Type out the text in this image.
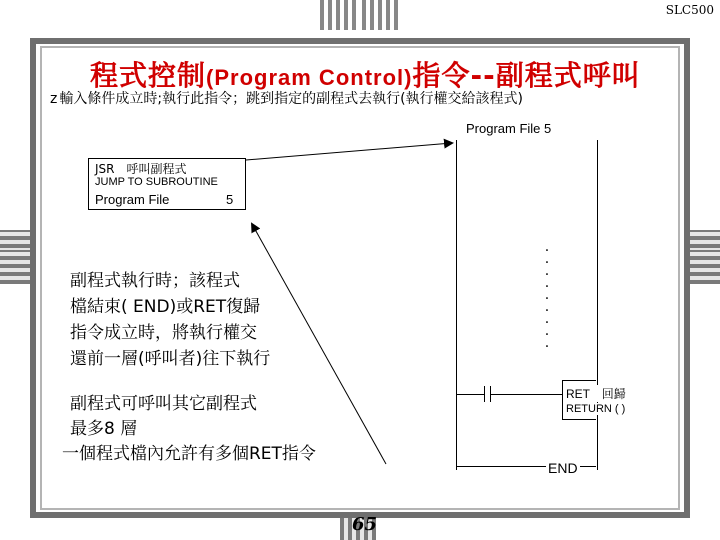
SLC500
程式控制(Program Control)指令--副程式呼叫
z 輸入條件成立時;執行此指令；跳到指定的副程式去執行(執行權交給該程式)
Program File 5
·
·
·
·
·
·
·
·
·
JSR　呼叫副程式
JUMP TO SUBROUTINE
Program File	5
RET　回歸
RETURN ( )
END
副程式執行時；該程式
檔結束( END)或RET復歸
指令成立時，將執行權交
還前一層(呼叫者)往下執行
副程式可呼叫其它副程式
最多8 層
一個程式檔內允許有多個RET指令
65
